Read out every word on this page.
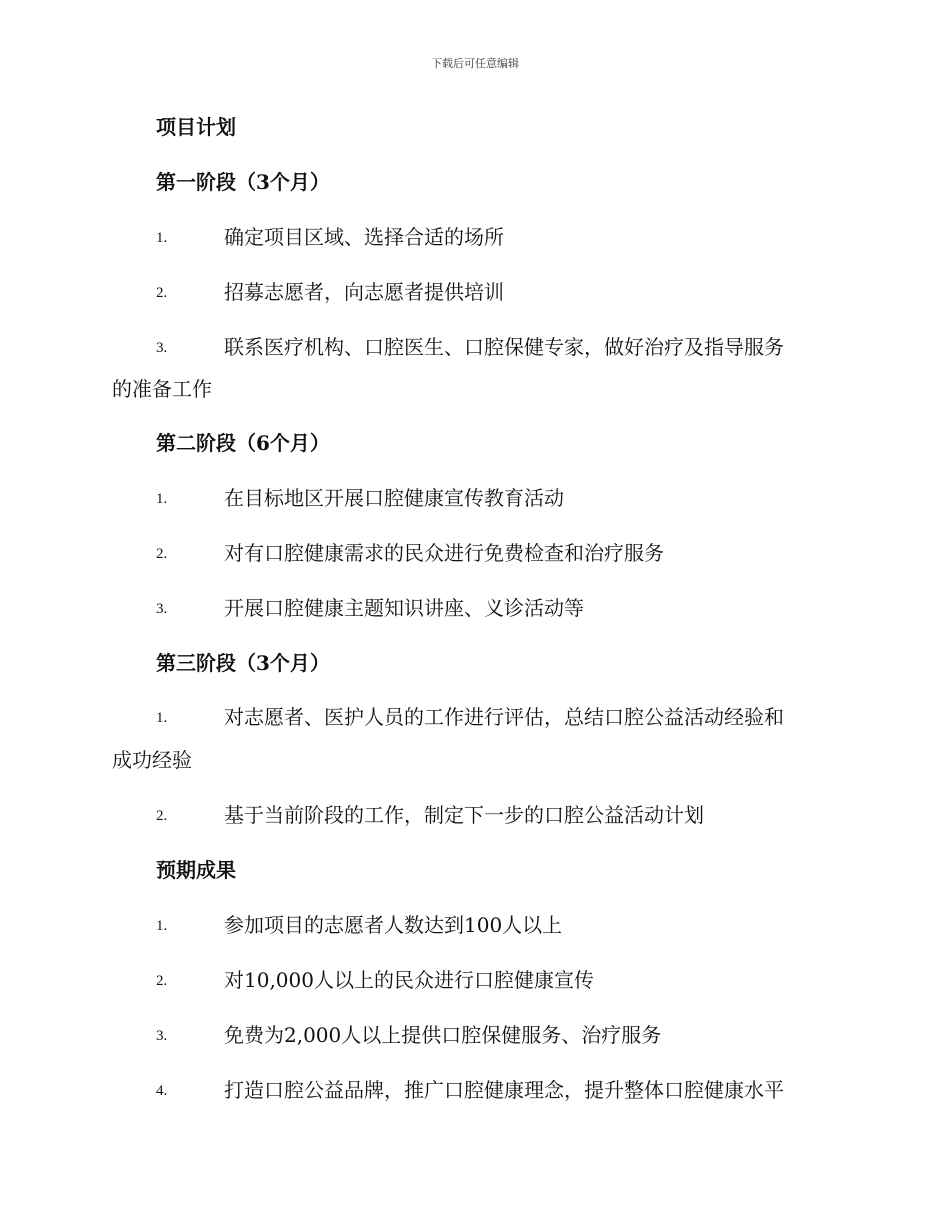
下载后可任意编辑
项目计划
第一阶段（3个月）
1.	确定项目区域、选择合适的场所
2.	招募志愿者，向志愿者提供培训
3.	联系医疗机构、口腔医生、口腔保健专家，做好治疗及指导服务
的准备工作
第二阶段（6个月）
1.	在目标地区开展口腔健康宣传教育活动
2.	对有口腔健康需求的民众进行免费检查和治疗服务
3.	开展口腔健康主题知识讲座、义诊活动等
第三阶段（3个月）
1.	对志愿者、医护人员的工作进行评估，总结口腔公益活动经验和
成功经验
2.	基于当前阶段的工作，制定下一步的口腔公益活动计划
预期成果
1.	参加项目的志愿者人数达到100人以上
2.	对10,000人以上的民众进行口腔健康宣传
3.	免费为2,000人以上提供口腔保健服务、治疗服务
4.	打造口腔公益品牌，推广口腔健康理念，提升整体口腔健康水平
